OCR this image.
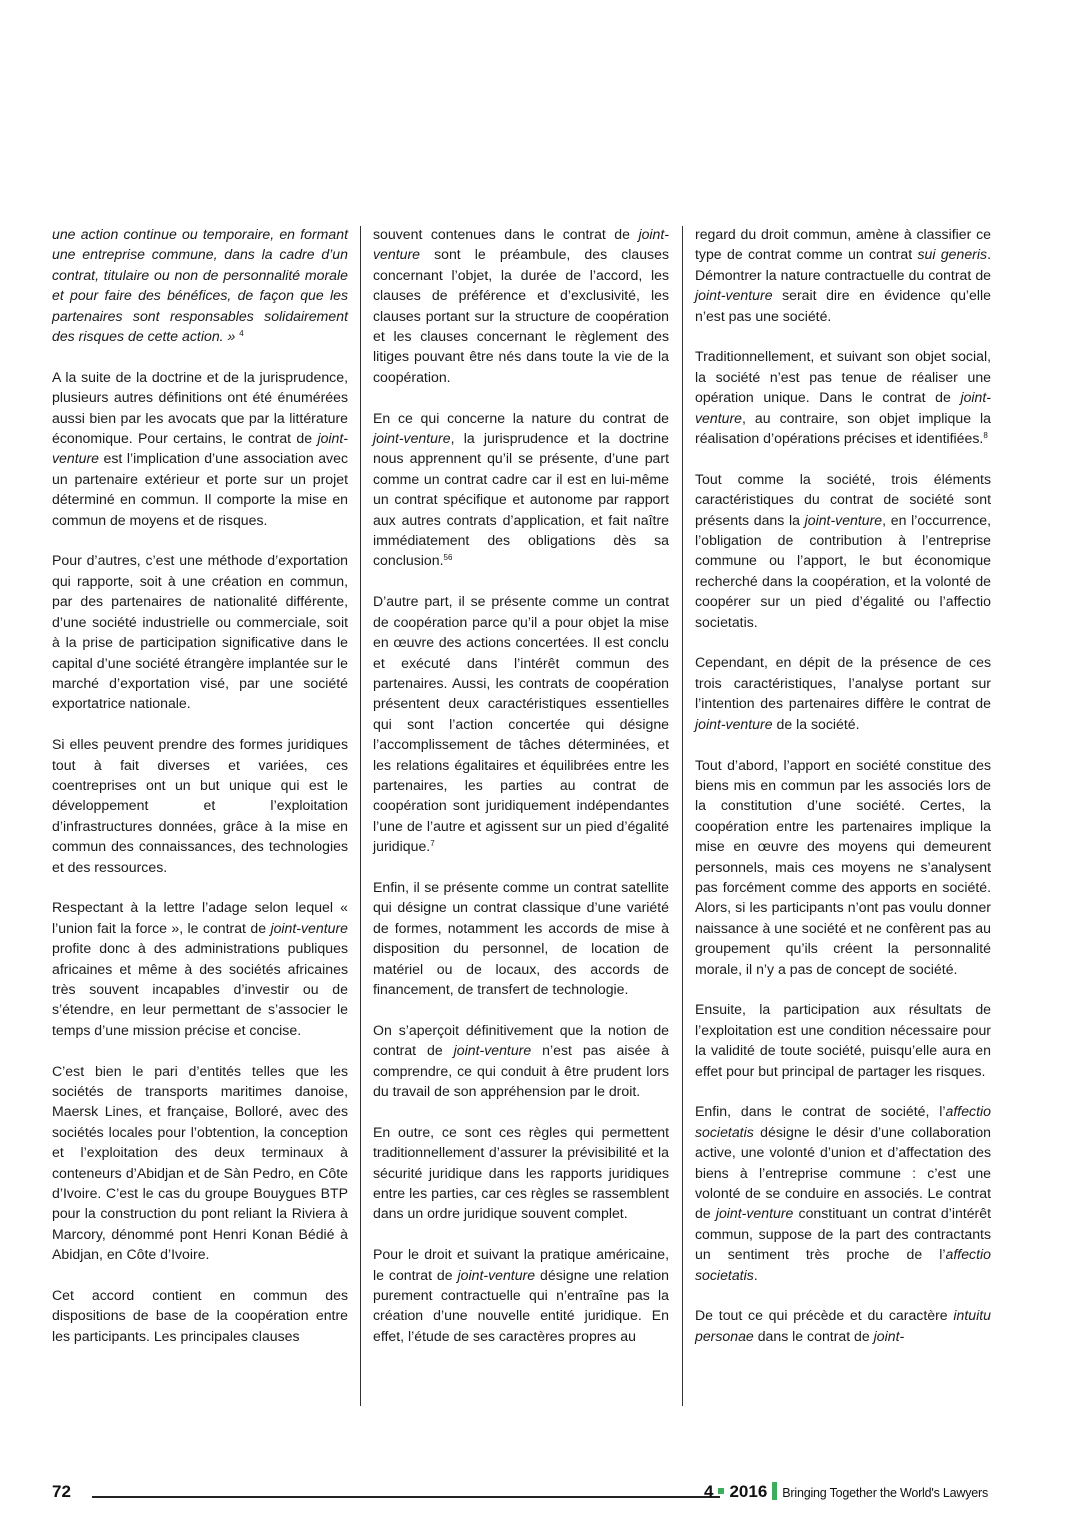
une action continue ou temporaire, en formant une entreprise commune, dans la cadre d’un contrat, titulaire ou non de personnalité morale et pour faire des bénéfices, de façon que les partenaires sont responsables solidairement des risques de cette action. » $^4$

A la suite de la doctrine et de la jurisprudence, plusieurs autres définitions ont été énumérées aussi bien par les avocats que par la littérature économique. Pour certains, le contrat de joint-venture est l’implication d’une association avec un partenaire extérieur et porte sur un projet déterminé en commun. Il comporte la mise en commun de moyens et de risques.

Pour d’autres, c’est une méthode d’exportation qui rapporte, soit à une création en commun, par des partenaires de nationalité différente, d’une société industrielle ou commerciale, soit à la prise de participation significative dans le capital d’une société étrangère implantée sur le marché d’exportation visé, par une société exportatrice nationale.

Si elles peuvent prendre des formes juridiques tout à fait diverses et variées, ces coentreprises ont un but unique qui est le développement et l’exploitation d’infrastructures données, grâce à la mise en commun des connaissances, des technologies et des ressources.

Respectant à la lettre l’adage selon lequel « l’union fait la force », le contrat de joint-venture profite donc à des administrations publiques africaines et même à des sociétés africaines très souvent incapables d’investir ou de s’étendre, en leur permettant de s’associer le temps d’une mission précise et concise.

C’est bien le pari d’entités telles que les sociétés de transports maritimes danoise, Maersk Lines, et française, Bolloré, avec des sociétés locales pour l’obtention, la conception et l’exploitation des deux terminaux à conteneurs d’Abidjan et de Sàn Pedro, en Côte d’Ivoire. C’est le cas du groupe Bouygues BTP pour la construction du pont reliant la Riviera à Marcory, dénommé pont Henri Konan Bédié à Abidjan, en Côte d’Ivoire.

Cet accord contient en commun des dispositions de base de la coopération entre les participants. Les principales clauses

souvent contenues dans le contrat de joint-venture sont le préambule, des clauses concernant l’objet, la durée de l’accord, les clauses de préférence et d’exclusivité, les clauses portant sur la structure de coopération et les clauses concernant le règlement des litiges pouvant être nés dans toute la vie de la coopération.

En ce qui concerne la nature du contrat de joint-venture, la jurisprudence et la doctrine nous apprennent qu’il se présente, d’une part comme un contrat cadre car il est en lui-même un contrat spécifique et autonome par rapport aux autres contrats d’application, et fait naître immédiatement des obligations dès sa conclusion.$^{56}$

D’autre part, il se présente comme un contrat de coopération parce qu’il a pour objet la mise en œuvre des actions concertées. Il est conclu et exécuté dans l’intérêt commun des partenaires. Aussi, les contrats de coopération présentent deux caractéristiques essentielles qui sont l’action concertée qui désigne l’accomplissement de tâches déterminées, et les relations égalitaires et équilibrées entre les partenaires, les parties au contrat de coopération sont juridiquement indépendantes l’une de l’autre et agissent sur un pied d’égalité juridique.$^7$

Enfin, il se présente comme un contrat satellite qui désigne un contrat classique d’une variété de formes, notamment les accords de mise à disposition du personnel, de location de matériel ou de locaux, des accords de financement, de transfert de technologie.

On s’aperçoit définitivement que la notion de contrat de joint-venture n’est pas aisée à comprendre, ce qui conduit à être prudent lors du travail de son appréhension par le droit.

En outre, ce sont ces règles qui permettent traditionnellement d’assurer la prévisibilité et la sécurité juridique dans les rapports juridiques entre les parties, car ces règles se rassemblent dans un ordre juridique souvent complet.

Pour le droit et suivant la pratique américaine, le contrat de joint-venture désigne une relation purement contractuelle qui n’entraîne pas la création d’une nouvelle entité juridique. En effet, l’étude de ses caractères propres au

regard du droit commun, amène à classifier ce type de contrat comme un contrat sui generis. Démontrer la nature contractuelle du contrat de joint-venture serait dire en évidence qu’elle n’est pas une société.

Traditionnellement, et suivant son objet social, la société n’est pas tenue de réaliser une opération unique. Dans le contrat de joint-venture, au contraire, son objet implique la réalisation d’opérations précises et identifiées.$^8$

Tout comme la société, trois éléments caractéristiques du contrat de société sont présents dans la joint-venture, en l’occurrence, l’obligation de contribution à l’entreprise commune ou l’apport, le but économique recherché dans la coopération, et la volonté de coopérer sur un pied d’égalité ou l’affectio societatis.

Cependant, en dépit de la présence de ces trois caractéristiques, l’analyse portant sur l’intention des partenaires diffère le contrat de joint-venture de la société.

Tout d’abord, l’apport en société constitue des biens mis en commun par les associés lors de la constitution d’une société. Certes, la coopération entre les partenaires implique la mise en œuvre des moyens qui demeurent personnels, mais ces moyens ne s’analysent pas forcément comme des apports en société. Alors, si les participants n’ont pas voulu donner naissance à une société et ne confèrent pas au groupement qu’ils créent la personnalité morale, il n’y a pas de concept de société.

Ensuite, la participation aux résultats de l’exploitation est une condition nécessaire pour la validité de toute société, puisqu’elle aura en effet pour but principal de partager les risques.

Enfin, dans le contrat de société, l’affectio societatis désigne le désir d’une collaboration active, une volonté d’union et d’affectation des biens à l’entreprise commune : c’est une volonté de se conduire en associés. Le contrat de joint-venture constituant un contrat d’intérêt commun, suppose de la part des contractants un sentiment très proche de l’affectio societatis.

De tout ce qui précède et du caractère intuitu personae dans le contrat de joint-

72	4 2016 Bringing Together the World's Lawyers
